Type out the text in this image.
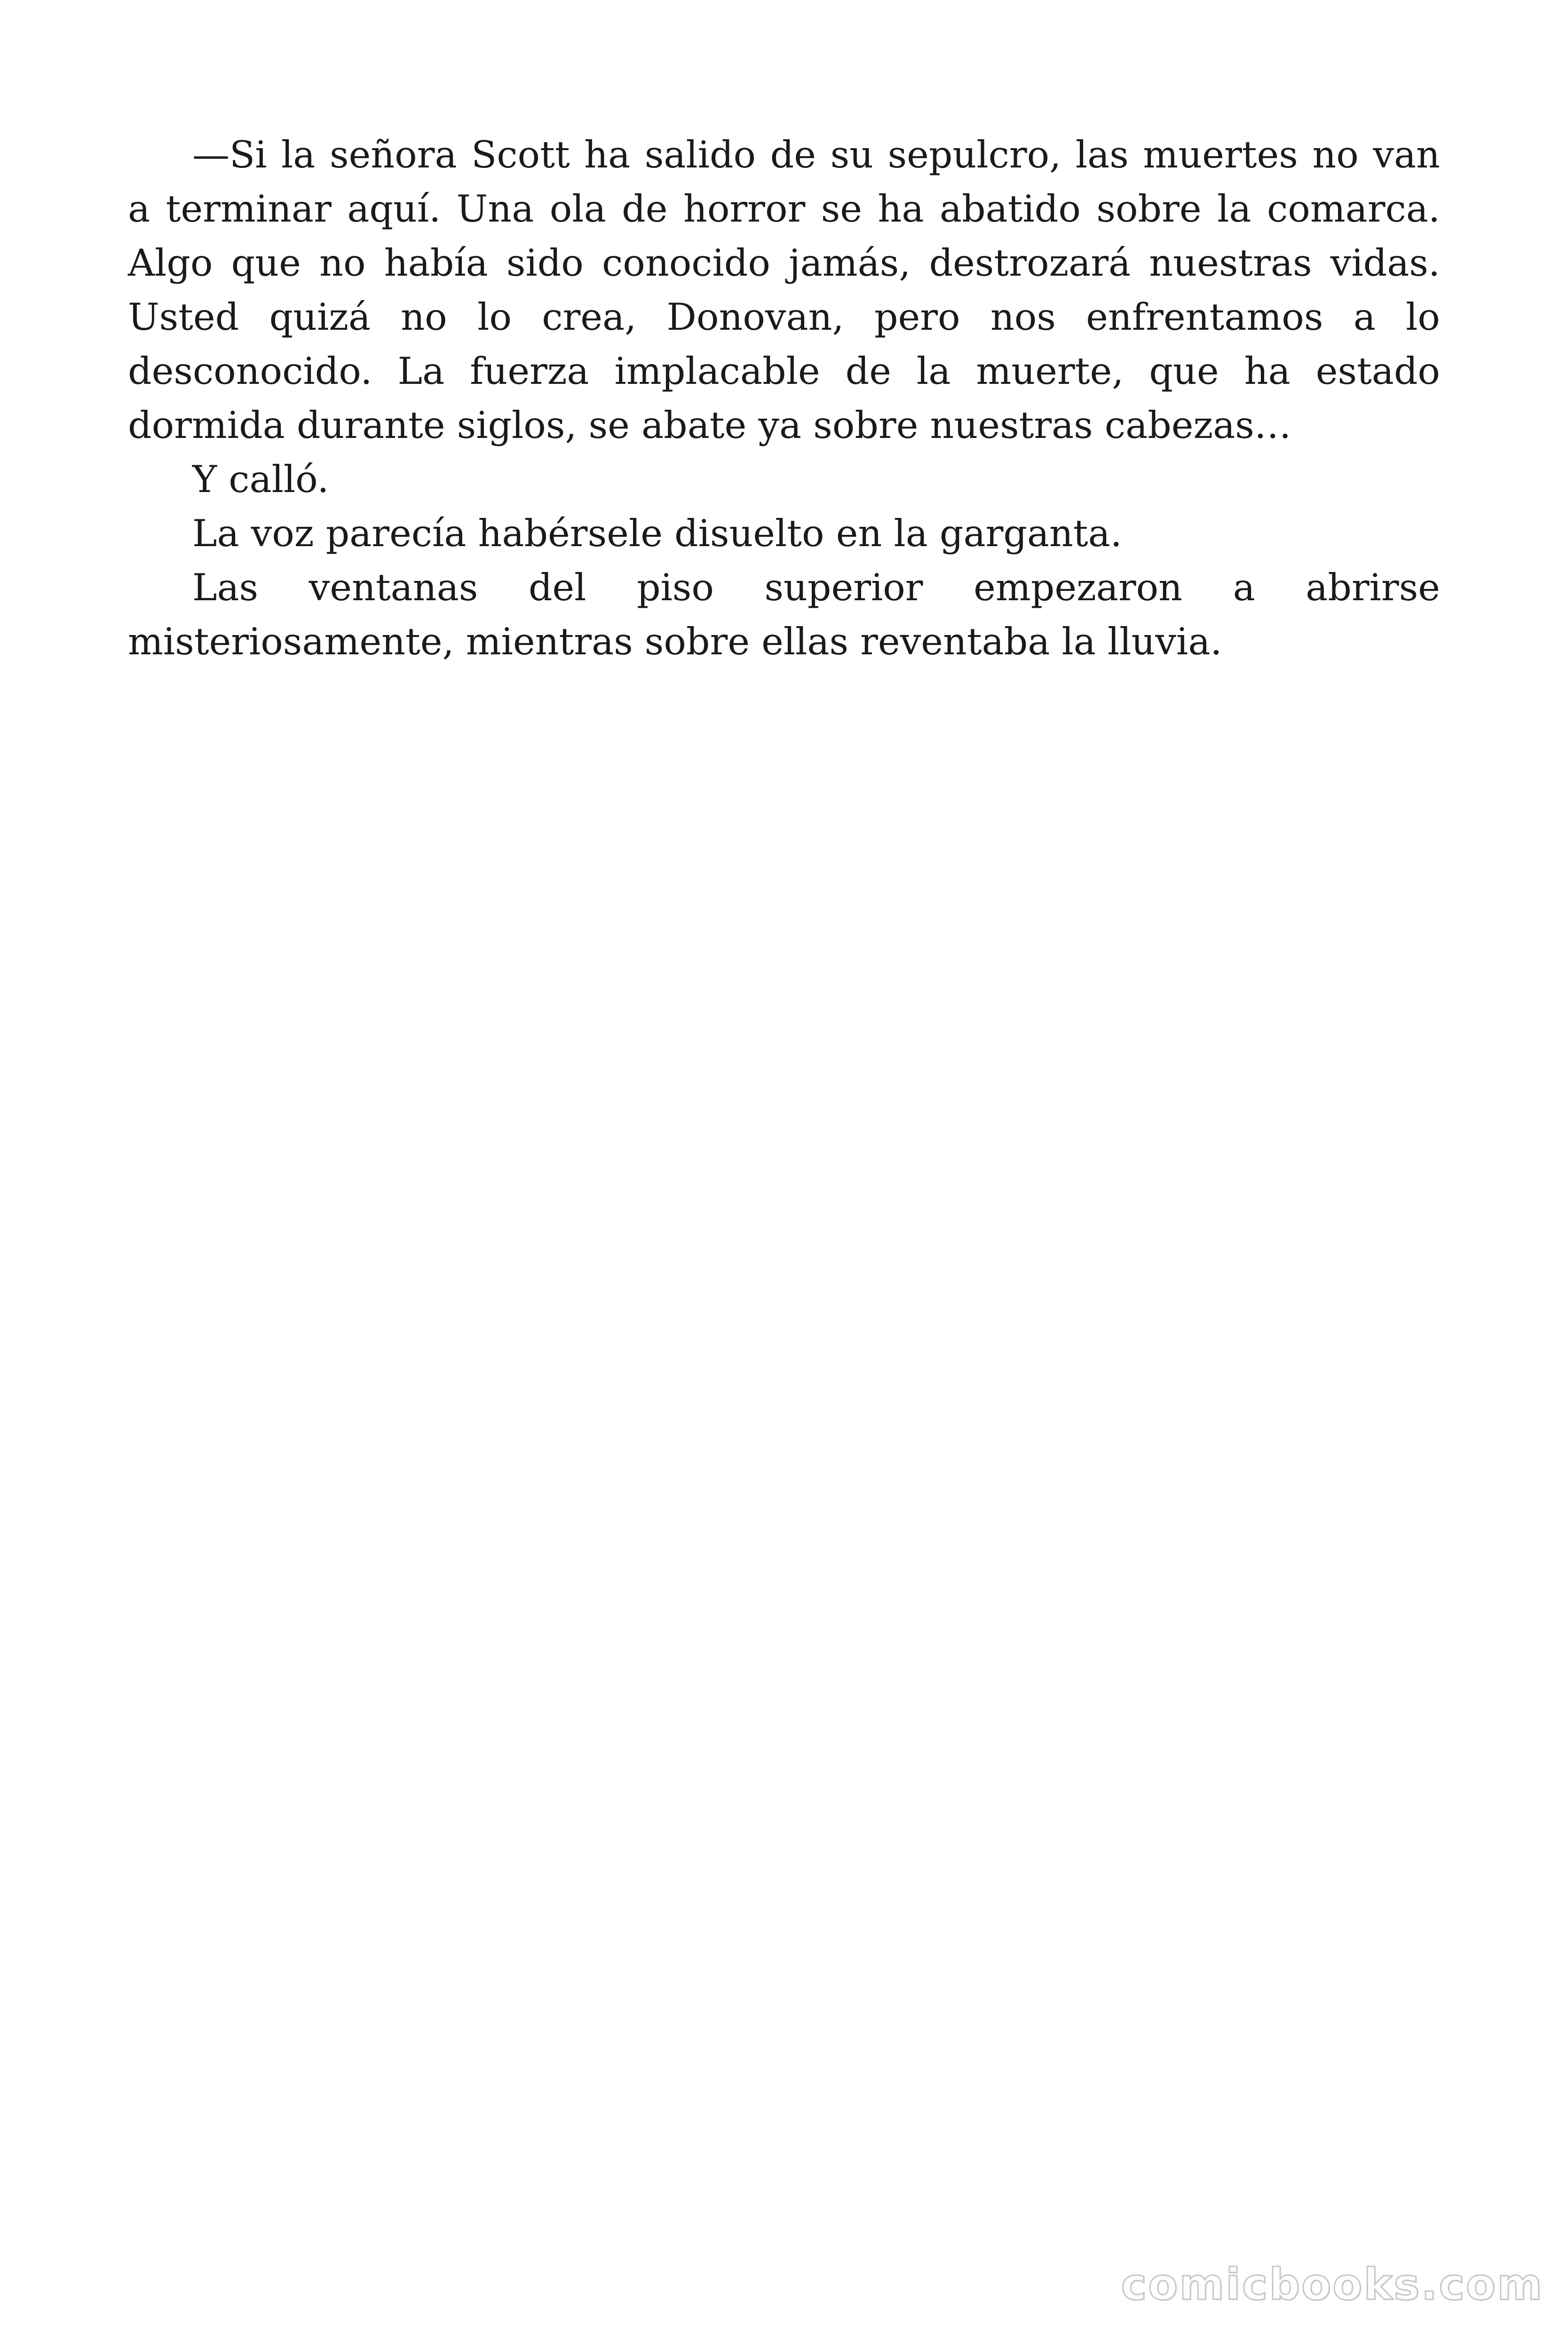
—Si la señora Scott ha salido de su sepulcro, las muertes no van a terminar aquí. Una ola de horror se ha abatido sobre la comarca. Algo que no había sido conocido jamás, destrozará nuestras vidas. Usted quizá no lo crea, Donovan, pero nos enfrentamos a lo desconocido. La fuerza implacable de la muerte, que ha estado dormida durante siglos, se abate ya sobre nuestras cabezas…

Y calló.

La voz parecía habérsele disuelto en la garganta.

Las ventanas del piso superior empezaron a abrirse misteriosamente, mientras sobre ellas reventaba la lluvia.

comicbooks.com
